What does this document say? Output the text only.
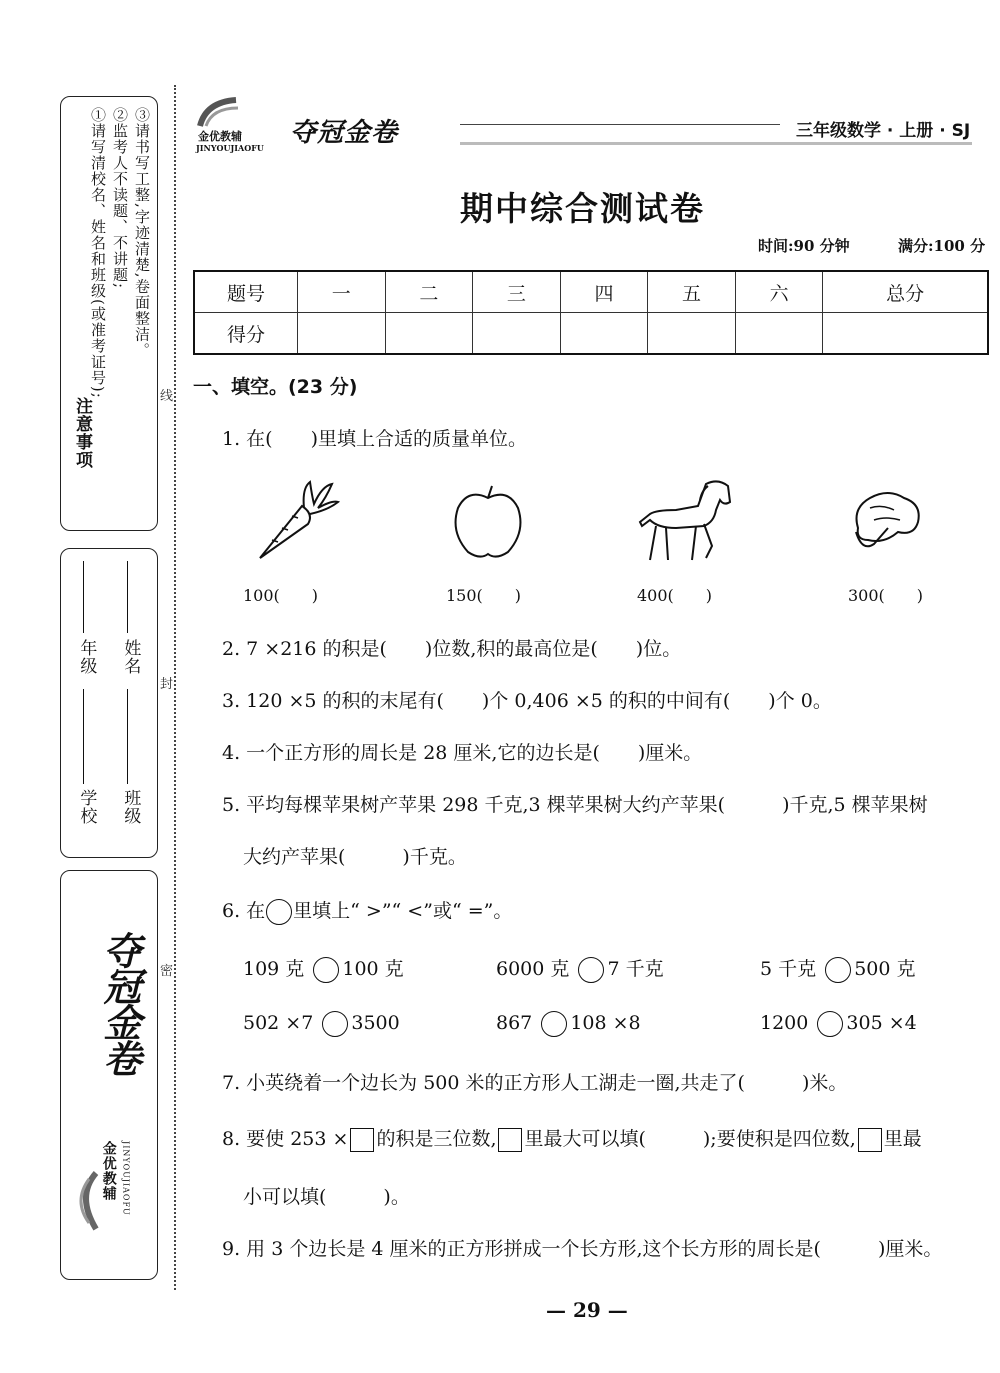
注意事项
①请写清校名、姓名和班级(或准考证号); ②监考人不读题、不讲题; ③请书写工整,字迹清楚,卷面整洁。
学校
年级
班级
姓名
夺冠金卷
金优教辅 JINYOUJIAOFU
线
封
密
金优教辅
JINYOUJIAOFU 夺冠金卷	三年级数学 · 上册 · SJ
期中综合测试卷
时间:90 分钟	满分:100 分
题号	一	二	三	四	五	六	总分
得分							
一、填空。(23 分)
1. 在(　　)里填上合适的质量单位。
100(　　)	150(　　)	400(　　)	300(　　)
2. 7 ×216 的积是(　　)位数,积的最高位是(　　)位。
3. 120 ×5 的积的末尾有(　　)个 0,406 ×5 的积的中间有(　　)个 0。
4. 一个正方形的周长是 28 厘米,它的边长是(　　)厘米。
5. 平均每棵苹果树产苹果 298 千克,3 棵苹果树大约产苹果(　　　)千克,5 棵苹果树
大约产苹果(　　　)千克。
6. 在 里填上“ >”“ <”或“ =”。
109 克 100 克	6000 克 7 千克	5 千克 500 克
502 ×7 3500	867 108 ×8	1200 305 ×4
7. 小英绕着一个边长为 500 米的正方形人工湖走一圈,共走了(　　　)米。
8. 要使 253 × 的积是三位数, 里最大可以填(　　　);要使积是四位数, 里最
小可以填(　　　)。
9. 用 3 个边长是 4 厘米的正方形拼成一个长方形,这个长方形的周长是(　　　)厘米。
— 29 —
